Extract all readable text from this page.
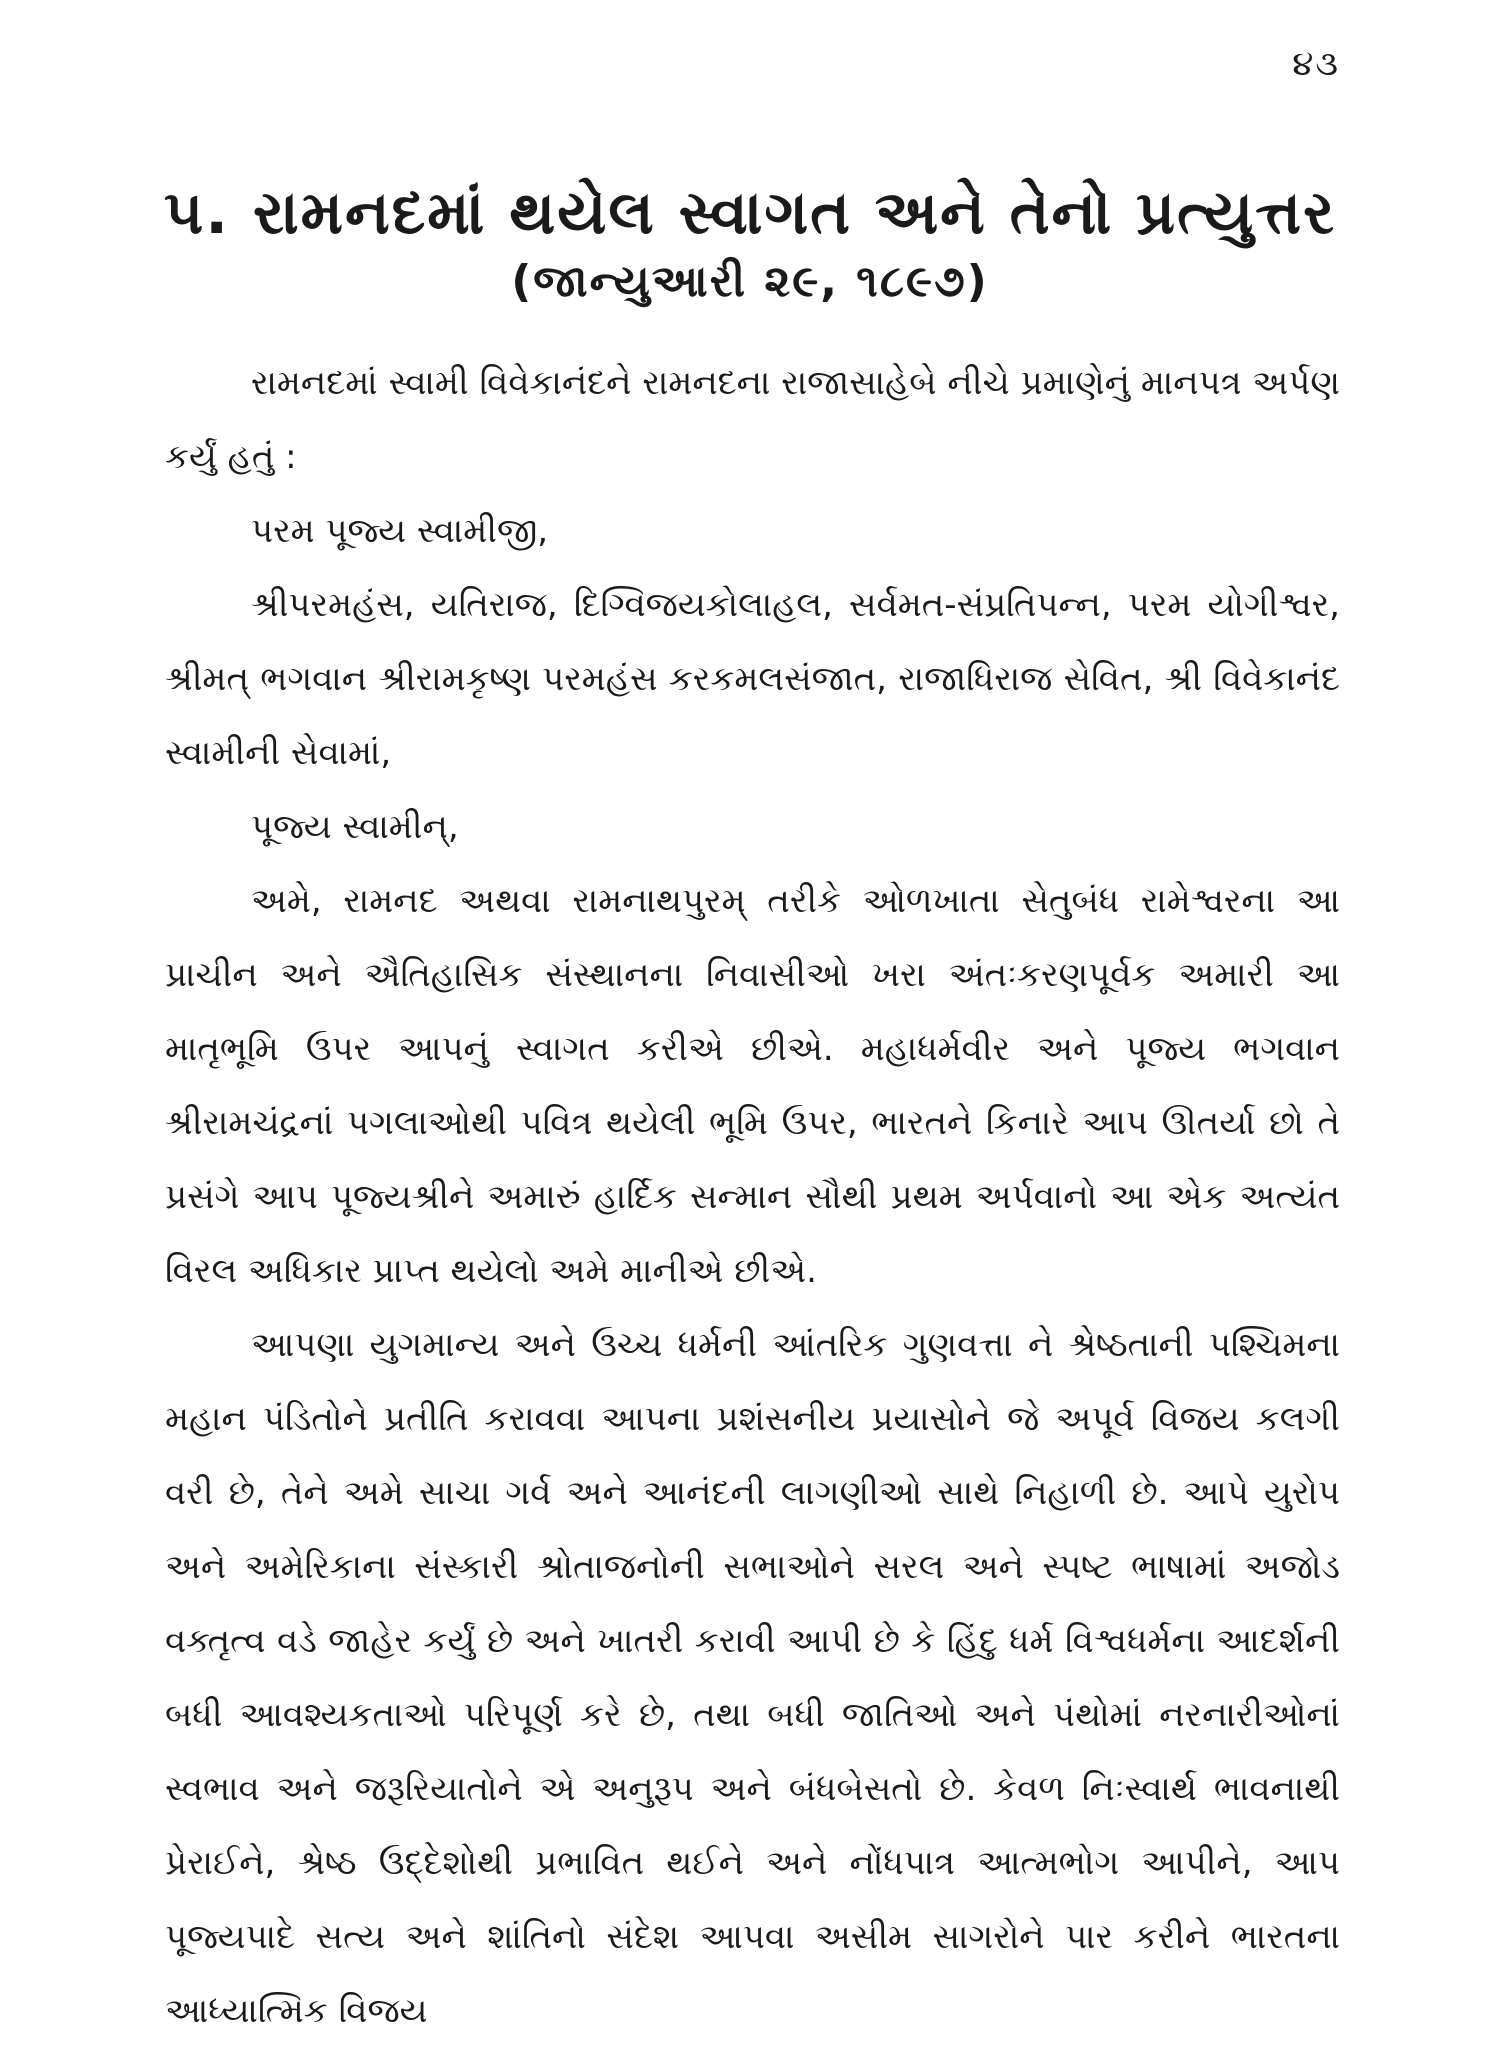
૪૩
૫. રામનદમાં થયેલ સ્વાગત અને તેનો પ્રત્યુત્તર
(જાન્યુઆરી ૨૯, ૧૮૯૭)

રામનદમાં સ્વામી વિવેકાનંદને રામનદના રાજાસાહેબે નીચે પ્રમાણેનું માનપત્ર અર્પણ કર્યું હતું :

પરમ પૂજ્ય સ્વામીજી,

શ્રીપરમહંસ, યતિરાજ, દિગ્વિજયકોલાહલ, સર્વમત-સંપ્રતિપન્ન, પરમ યોગીશ્વર, શ્રીમત્ ભગવાન શ્રીરામકૃષ્ણ પરમહંસ કરકમલસંજાત, રાજાધિરાજ સેવિત, શ્રી વિવેકાનંદ સ્વામીની સેવામાં,

પૂજ્ય સ્વામીન્,

અમે, રામનદ અથવા રામનાથપુરમ્ તરીકે ઓળખાતા સેતુબંધ રામેશ્વરના આ પ્રાચીન અને ઐતિહાસિક સંસ્થાનના નિવાસીઓ ખરા અંતઃકરણપૂર્વક અમારી આ માતૃભૂમિ ઉપર આપનું સ્વાગત કરીએ છીએ. મહાધર્મવીર અને પૂજ્ય ભગવાન શ્રીરામચંદ્રનાં પગલાઓથી પવિત્ર થયેલી ભૂમિ ઉપર, ભારતને કિનારે આપ ઊતર્યા છો તે પ્રસંગે આપ પૂજ્યશ્રીને અમારું હાર્દિક સન્માન સૌથી પ્રથમ અર્પવાનો આ એક અત્યંત વિરલ અધિકાર પ્રાપ્ત થયેલો અમે માનીએ છીએ.

આપણા યુગમાન્ય અને ઉચ્ચ ધર્મની આંતરિક ગુણવત્તા ને શ્રેષ્ઠતાની પશ્ચિમના મહાન પંડિતોને પ્રતીતિ કરાવવા આપના પ્રશંસનીય પ્રયાસોને જે અપૂર્વ વિજય કલગી વરી છે, તેને અમે સાચા ગર્વ અને આનંદની લાગણીઓ સાથે નિહાળી છે. આપે યુરોપ અને અમેરિકાના સંસ્કારી શ્રોતાજનોની સભાઓને સરલ અને સ્પષ્ટ ભાષામાં અજોડ વક્તૃત્વ વડે જાહેર કર્યું છે અને ખાતરી કરાવી આપી છે કે હિંદુ ધર્મ વિશ્વધર્મના આદર્શની બધી આવશ્યકતાઓ પરિપૂર્ણ કરે છે, તથા બધી જાતિઓ અને પંથોમાં નરનારીઓનાં સ્વભાવ અને જરૂરિયાતોને એ અનુરૂપ અને બંધબેસતો છે. કેવળ નિઃસ્વાર્થ ભાવનાથી પ્રેરાઈને, શ્રેષ્ઠ ઉદ્દેશોથી પ્રભાવિત થઈને અને નોંધપાત્ર આત્મભોગ આપીને, આપ પૂજ્યપાદે સત્ય અને શાંતિનો સંદેશ આપવા અસીમ સાગરોને પાર કરીને ભારતના આધ્યાત્મિક વિજય
